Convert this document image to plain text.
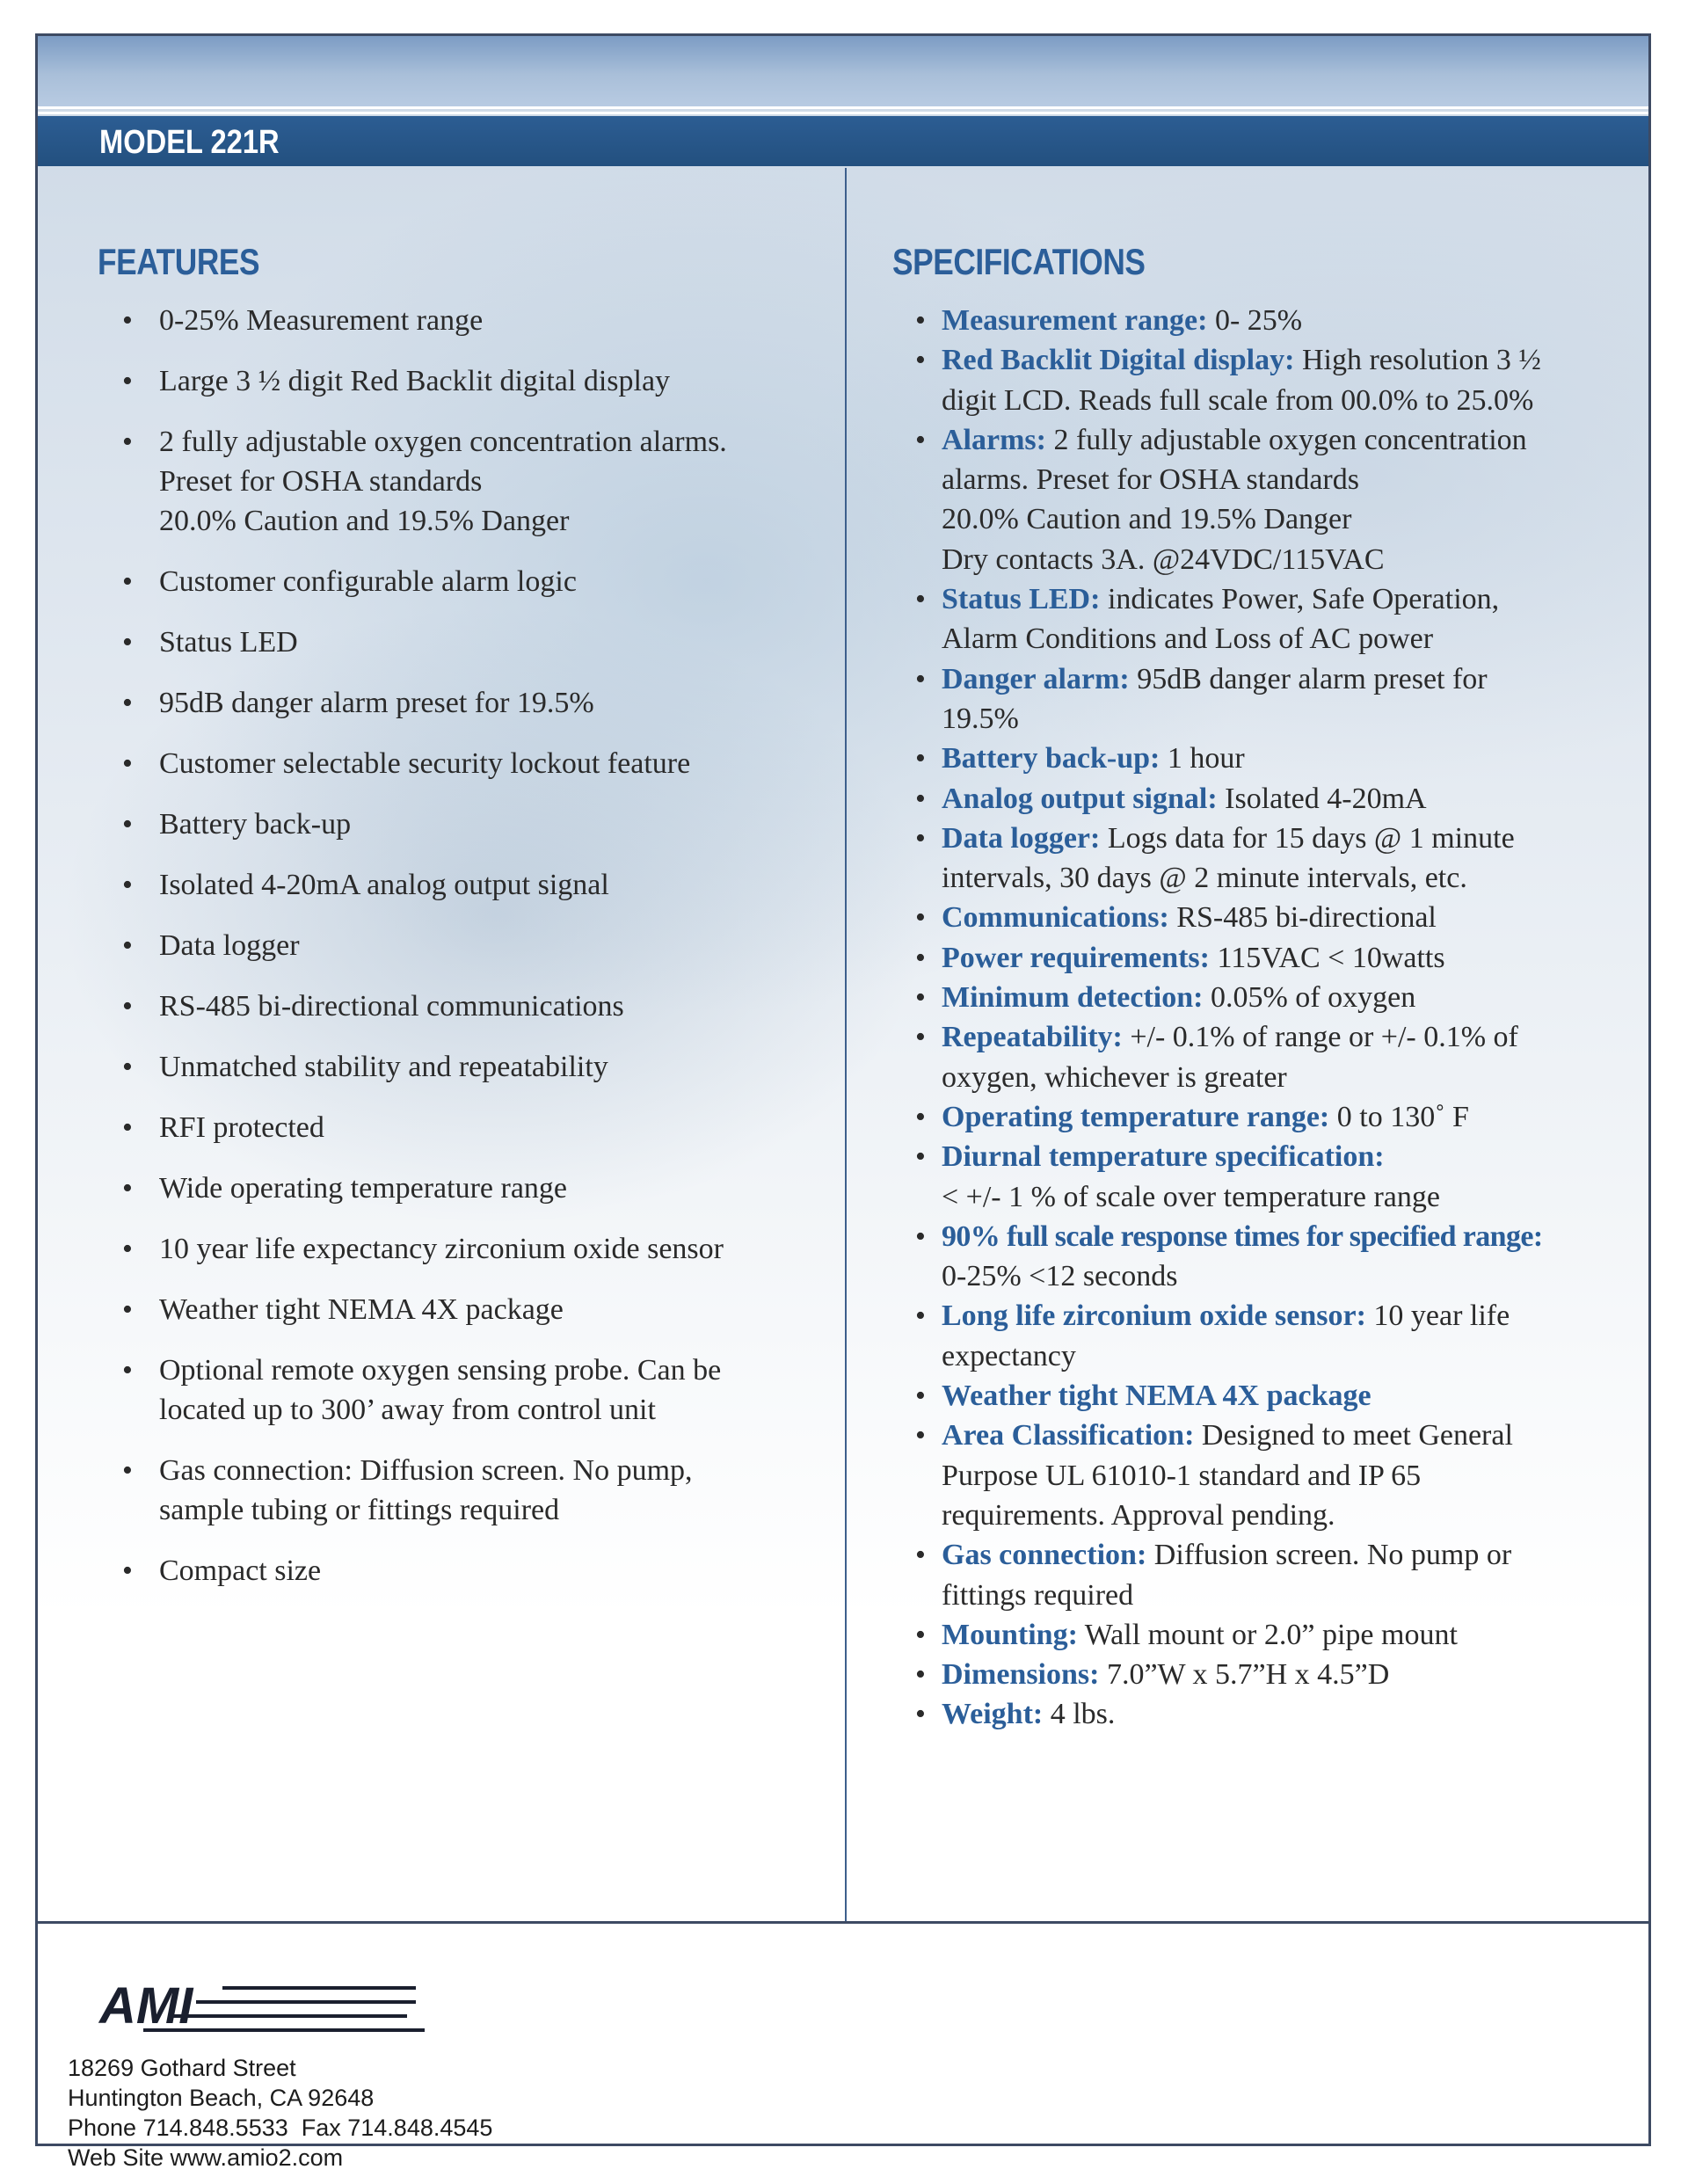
MODEL 221R
FEATURES	SPECIFICATIONS
• 0-25% Measurement range
• Large 3 ½ digit Red Backlit digital display
• 2 fully adjustable oxygen concentration alarms.
Preset for OSHA standards
20.0% Caution and 19.5% Danger
• Customer configurable alarm logic
• Status LED
• 95dB danger alarm preset for 19.5%
• Customer selectable security lockout feature
• Battery back-up
• Isolated 4-20mA analog output signal
• Data logger
• RS-485 bi-directional communications
• Unmatched stability and repeatability
• RFI protected
• Wide operating temperature range
• 10 year life expectancy zirconium oxide sensor
• Weather tight NEMA 4X package
• Optional remote oxygen sensing probe. Can be
located up to 300’ away from control unit
• Gas connection: Diffusion screen. No pump,
sample tubing or fittings required
• Compact size
• Measurement range: 0- 25%
• Red Backlit Digital display: High resolution 3 ½
digit LCD. Reads full scale from 00.0% to 25.0%
• Alarms: 2 fully adjustable oxygen concentration
alarms. Preset for OSHA standards
20.0% Caution and 19.5% Danger
Dry contacts 3A. @24VDC/115VAC
• Status LED: indicates Power, Safe Operation,
Alarm Conditions and Loss of AC power
• Danger alarm: 95dB danger alarm preset for
19.5%
• Battery back-up: 1 hour
• Analog output signal: Isolated 4-20mA
• Data logger: Logs data for 15 days @ 1 minute
intervals, 30 days @ 2 minute intervals, etc.
• Communications: RS-485 bi-directional
• Power requirements: 115VAC < 10watts
• Minimum detection: 0.05% of oxygen
• Repeatability: +/- 0.1% of range or +/- 0.1% of
oxygen, whichever is greater
• Operating temperature range: 0 to 130˚ F
• Diurnal temperature specification:
< +/- 1 % of scale over temperature range
• 90% full scale response times for specified range:
0-25% <12 seconds
• Long life zirconium oxide sensor: 10 year life
expectancy
• Weather tight NEMA 4X package
• Area Classification: Designed to meet General
Purpose UL 61010-1 standard and IP 65
requirements. Approval pending.
• Gas connection: Diffusion screen. No pump or
fittings required
• Mounting: Wall mount or 2.0” pipe mount
• Dimensions: 7.0”W x 5.7”H x 4.5”D
• Weight: 4 lbs.
AMI
18269 Gothard Street
Huntington Beach, CA 92648
Phone 714.848.5533  Fax 714.848.4545
Web Site www.amio2.com
